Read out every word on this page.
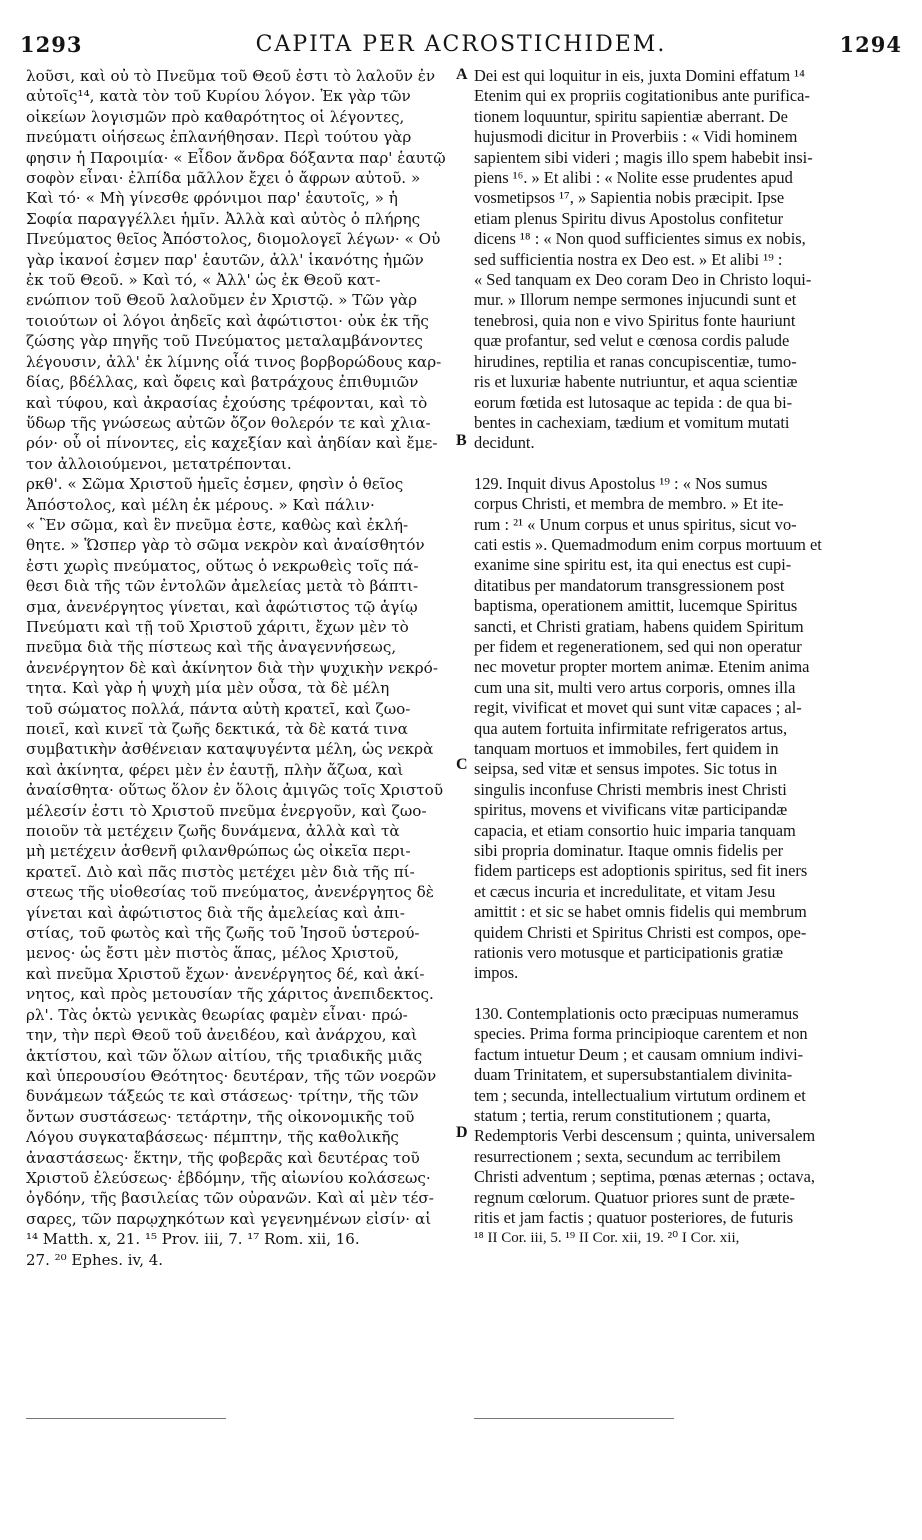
1293	CAPITA PER ACROSTICHIDEM.	1294

λοῦσι, καὶ οὐ τὸ Πνεῦμα τοῦ Θεοῦ ἐστι τὸ λαλοῦν ἐν

αὐτοῖς¹⁴, κατὰ τὸν τοῦ Κυρίου λόγον. Ἐκ γὰρ τῶν

οἰκείων λογισμῶν πρὸ καθαρότητος οἱ λέγοντες,

πνεύματι οἰήσεως ἐπλανήθησαν. Περὶ τούτου γὰρ

φησιν ἡ Παροιμία· « Εἶδον ἄνδρα δόξαντα παρ' ἑαυτῷ

σοφὸν εἶναι· ἐλπίδα μᾶλλον ἔχει ὁ ἄφρων αὐτοῦ. »

Καὶ τό· « Μὴ γίνεσθε φρόνιμοι παρ' ἑαυτοῖς, » ἡ

Σοφία παραγγέλλει ἡμῖν. Ἀλλὰ καὶ αὐτὸς ὁ πλήρης

Πνεύματος θεῖος Ἀπόστολος, διομολογεῖ λέγων· « Οὐ

γὰρ ἱκανοί ἐσμεν παρ' ἑαυτῶν, ἀλλ' ἱκανότης ἡμῶν

ἐκ τοῦ Θεοῦ. » Καὶ τό, « Ἀλλ' ὡς ἐκ Θεοῦ κατ-

ενώπιον τοῦ Θεοῦ λαλοῦμεν ἐν Χριστῷ. » Τῶν γὰρ

τοιούτων οἱ λόγοι ἀηδεῖς καὶ ἀφώτιστοι· οὐκ ἐκ τῆς

ζώσης γὰρ πηγῆς τοῦ Πνεύματος μεταλαμβάνοντες

λέγουσιν, ἀλλ' ἐκ λίμνης οἷά τινος βορβορώδους καρ-

δίας, βδέλλας, καὶ ὄφεις καὶ βατράχους ἐπιθυμιῶν

καὶ τύφου, καὶ ἀκρασίας ἐχούσης τρέφονται, καὶ τὸ

ὕδωρ τῆς γνώσεως αὐτῶν ὄζον θολερόν τε καὶ χλια-

ρόν· οὗ οἱ πίνοντες, εἰς καχεξίαν καὶ ἀηδίαν καὶ ἔμε-

τον ἀλλοιούμενοι, μετατρέπονται.

ρκθ'. « Σῶμα Χριστοῦ ἡμεῖς ἐσμεν, φησὶν ὁ θεῖος

Ἀπόστολος, καὶ μέλη ἐκ μέρους. » Καὶ πάλιν·

« Ἓν σῶμα, καὶ ἓν πνεῦμα ἐστε, καθὼς καὶ ἐκλή-

θητε. » Ὥσπερ γὰρ τὸ σῶμα νεκρὸν καὶ ἀναίσθητόν

ἐστι χωρὶς πνεύματος, οὕτως ὁ νεκρωθεὶς τοῖς πά-

θεσι διὰ τῆς τῶν ἐντολῶν ἀμελείας μετὰ τὸ βάπτι-

σμα, ἀνενέργητος γίνεται, καὶ ἀφώτιστος τῷ ἁγίῳ

Πνεύματι καὶ τῇ τοῦ Χριστοῦ χάριτι, ἔχων μὲν τὸ

πνεῦμα διὰ τῆς πίστεως καὶ τῆς ἀναγεννήσεως,

ἀνενέργητον δὲ καὶ ἀκίνητον διὰ τὴν ψυχικὴν νεκρό-

τητα. Καὶ γὰρ ἡ ψυχὴ μία μὲν οὖσα, τὰ δὲ μέλη

τοῦ σώματος πολλά, πάντα αὐτὴ κρατεῖ, καὶ ζωο-

ποιεῖ, καὶ κινεῖ τὰ ζωῆς δεκτικά, τὰ δὲ κατά τινα

συμβατικὴν ἀσθένειαν καταψυγέντα μέλη, ὡς νεκρὰ

καὶ ἀκίνητα, φέρει μὲν ἐν ἑαυτῇ, πλὴν ἄζωα, καὶ

ἀναίσθητα· οὕτως ὅλον ἐν ὅλοις ἀμιγῶς τοῖς Χριστοῦ

μέλεσίν ἐστι τὸ Χριστοῦ πνεῦμα ἐνεργοῦν, καὶ ζωο-

ποιοῦν τὰ μετέχειν ζωῆς δυνάμενα, ἀλλὰ καὶ τὰ

μὴ μετέχειν ἀσθενῆ φιλανθρώπως ὡς οἰκεῖα περι-

κρατεῖ. Διὸ καὶ πᾶς πιστὸς μετέχει μὲν διὰ τῆς πί-

στεως τῆς υἱοθεσίας τοῦ πνεύματος, ἀνενέργητος δὲ

γίνεται καὶ ἀφώτιστος διὰ τῆς ἀμελείας καὶ ἀπι-

στίας, τοῦ φωτὸς καὶ τῆς ζωῆς τοῦ Ἰησοῦ ὑστερού-

μενος· ὡς ἔστι μὲν πιστὸς ἅπας, μέλος Χριστοῦ,

καὶ πνεῦμα Χριστοῦ ἔχων· ἀνενέργητος δέ, καὶ ἀκί-

νητος, καὶ πρὸς μετουσίαν τῆς χάριτος ἀνεπιδεκτος.

ρλ'. Τὰς ὀκτὼ γενικὰς θεωρίας φαμὲν εἶναι· πρώ-

την, τὴν περὶ Θεοῦ τοῦ ἀνειδέου, καὶ ἀνάρχου, καὶ

ἀκτίστου, καὶ τῶν ὅλων αἰτίου, τῆς τριαδικῆς μιᾶς

καὶ ὑπερουσίου Θεότητος· δευτέραν, τῆς τῶν νοερῶν

δυνάμεων τάξεώς τε καὶ στάσεως· τρίτην, τῆς τῶν

ὄντων συστάσεως· τετάρτην, τῆς οἰκονομικῆς τοῦ

Λόγου συγκαταβάσεως· πέμπτην, τῆς καθολικῆς

ἀναστάσεως· ἕκτην, τῆς φοβερᾶς καὶ δευτέρας τοῦ

Χριστοῦ ἐλεύσεως· ἑβδόμην, τῆς αἰωνίου κολάσεως·

ὀγδόην, τῆς βασιλείας τῶν οὐρανῶν. Καὶ αἱ μὲν τέσ-

σαρες, τῶν παρῳχηκότων καὶ γεγενημένων εἰσίν· αἱ

¹⁴ Matth. x, 21. ¹⁵ Prov. iii, 7. ¹⁷ Rom. xii, 16.

27. ²⁰ Ephes. iv, 4.

Dei est qui loquitur in eis, juxta Domini effatum ¹⁴

Etenim qui ex propriis cogitationibus ante purifica-

tionem loquuntur, spiritu sapientiæ aberrant. De

hujusmodi dicitur in Proverbiis : « Vidi hominem

sapientem sibi videri ; magis illo spem habebit insi-

piens ¹⁶. » Et alibi : « Nolite esse prudentes apud

vosmetipsos ¹⁷, » Sapientia nobis præcipit. Ipse

etiam plenus Spiritu divus Apostolus confitetur

dicens ¹⁸ : « Non quod sufficientes simus ex nobis,

sed sufficientia nostra ex Deo est. » Et alibi ¹⁹ :

« Sed tanquam ex Deo coram Deo in Christo loqui-

mur. » Illorum nempe sermones injucundi sunt et

tenebrosi, quia non e vivo Spiritus fonte hauriunt

quæ profantur, sed velut e cœnosa cordis palude

hirudines, reptilia et ranas concupiscentiæ, tumo-

ris et luxuriæ habente nutriuntur, et aqua scientiæ

eorum fœtida est lutosaque ac tepida : de qua bi-

bentes in cachexiam, tædium et vomitum mutati

decidunt.

129. Inquit divus Apostolus ¹⁹ : « Nos sumus

corpus Christi, et membra de membro. » Et ite-

rum : ²¹ « Unum corpus et unus spiritus, sicut vo-

cati estis ». Quemadmodum enim corpus mortuum et

exanime sine spiritu est, ita qui enectus est cupi-

ditatibus per mandatorum transgressionem post

baptisma, operationem amittit, lucemque Spiritus

sancti, et Christi gratiam, habens quidem Spiritum

per fidem et regenerationem, sed qui non operatur

nec movetur propter mortem animæ. Etenim anima

cum una sit, multi vero artus corporis, omnes illa

regit, vivificat et movet qui sunt vitæ capaces ; al-

qua autem fortuita infirmitate refrigeratos artus,

tanquam mortuos et immobiles, fert quidem in

seipsa, sed vitæ et sensus impotes. Sic totus in

singulis inconfuse Christi membris inest Christi

spiritus, movens et vivificans vitæ participandæ

capacia, et etiam consortio huic imparia tanquam

sibi propria dominatur. Itaque omnis fidelis per

fidem particeps est adoptionis spiritus, sed fit iners

et cæcus incuria et incredulitate, et vitam Jesu

amittit : et sic se habet omnis fidelis qui membrum

quidem Christi et Spiritus Christi est compos, ope-

rationis vero motusque et participationis gratiæ

impos.

130. Contemplationis octo præcipuas numeramus

species. Prima forma principioque carentem et non

factum intuetur Deum ; et causam omnium indivi-

duam Trinitatem, et supersubstantialem divinita-

tem ; secunda, intellectualium virtutum ordinem et

statum ; tertia, rerum constitutionem ; quarta,

Redemptoris Verbi descensum ; quinta, universalem

resurrectionem ; sexta, secundum ac terribilem

Christi adventum ; septima, pœnas æternas ; octava,

regnum cœlorum. Quatuor priores sunt de præte-

ritis et jam factis ; quatuor posteriores, de futuris

¹⁸ II Cor. iii, 5. ¹⁹ II Cor. xii, 19. ²⁰ I Cor. xii,

A
B
C
D
